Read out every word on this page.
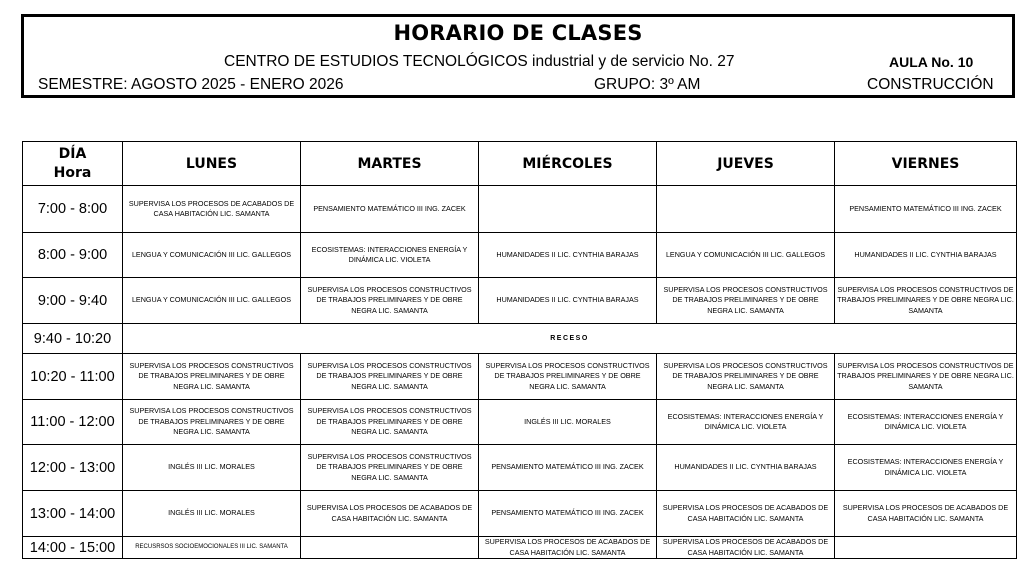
HORARIO DE CLASES
CENTRO DE ESTUDIOS TECNOLÓGICOS industrial y de servicio No. 27	AULA No. 10
SEMESTRE: AGOSTO 2025 - ENERO 2026	GRUPO: 3º AM	CONSTRUCCIÓN
DÍA
Hora	LUNES	MARTES	MIÉRCOLES	JUEVES	VIERNES
7:00 - 8:00	SUPERVISA LOS PROCESOS DE ACABADOS DE CASA HABITACIÓN LIC. SAMANTA	PENSAMIENTO MATEMÁTICO III ING. ZACEK			PENSAMIENTO MATEMÁTICO III ING. ZACEK
8:00 - 9:00	LENGUA Y COMUNICACIÓN III LIC. GALLEGOS	ECOSISTEMAS: INTERACCIONES ENERGÍA Y DINÁMICA LIC. VIOLETA	HUMANIDADES II LIC. CYNTHIA BARAJAS	LENGUA Y COMUNICACIÓN III LIC. GALLEGOS	HUMANIDADES II LIC. CYNTHIA BARAJAS
9:00 - 9:40	LENGUA Y COMUNICACIÓN III LIC. GALLEGOS	SUPERVISA LOS PROCESOS CONSTRUCTIVOS DE TRABAJOS PRELIMINARES Y DE OBRE NEGRA LIC. SAMANTA	HUMANIDADES II LIC. CYNTHIA BARAJAS	SUPERVISA LOS PROCESOS CONSTRUCTIVOS DE TRABAJOS PRELIMINARES Y DE OBRE NEGRA LIC. SAMANTA	SUPERVISA LOS PROCESOS CONSTRUCTIVOS DE TRABAJOS PRELIMINARES Y DE OBRE NEGRA LIC. SAMANTA
9:40 - 10:20	RECESO				
10:20 - 11:00	SUPERVISA LOS PROCESOS CONSTRUCTIVOS DE TRABAJOS PRELIMINARES Y DE OBRE NEGRA LIC. SAMANTA	SUPERVISA LOS PROCESOS CONSTRUCTIVOS DE TRABAJOS PRELIMINARES Y DE OBRE NEGRA LIC. SAMANTA	SUPERVISA LOS PROCESOS CONSTRUCTIVOS DE TRABAJOS PRELIMINARES Y DE OBRE NEGRA LIC. SAMANTA	SUPERVISA LOS PROCESOS CONSTRUCTIVOS DE TRABAJOS PRELIMINARES Y DE OBRE NEGRA LIC. SAMANTA	SUPERVISA LOS PROCESOS CONSTRUCTIVOS DE TRABAJOS PRELIMINARES Y DE OBRE NEGRA LIC. SAMANTA
11:00 - 12:00	SUPERVISA LOS PROCESOS CONSTRUCTIVOS DE TRABAJOS PRELIMINARES Y DE OBRE NEGRA LIC. SAMANTA	SUPERVISA LOS PROCESOS CONSTRUCTIVOS DE TRABAJOS PRELIMINARES Y DE OBRE NEGRA LIC. SAMANTA	INGLÉS III LIC. MORALES	ECOSISTEMAS: INTERACCIONES ENERGÍA Y DINÁMICA LIC. VIOLETA	ECOSISTEMAS: INTERACCIONES ENERGÍA Y DINÁMICA LIC. VIOLETA
12:00 - 13:00	INGLÉS III LIC. MORALES	SUPERVISA LOS PROCESOS CONSTRUCTIVOS DE TRABAJOS PRELIMINARES Y DE OBRE NEGRA LIC. SAMANTA	PENSAMIENTO MATEMÁTICO III ING. ZACEK	HUMANIDADES II LIC. CYNTHIA BARAJAS	ECOSISTEMAS: INTERACCIONES ENERGÍA Y DINÁMICA LIC. VIOLETA
13:00 - 14:00	INGLÉS III LIC. MORALES	SUPERVISA LOS PROCESOS DE ACABADOS DE CASA HABITACIÓN LIC. SAMANTA	PENSAMIENTO MATEMÁTICO III ING. ZACEK	SUPERVISA LOS PROCESOS DE ACABADOS DE CASA HABITACIÓN LIC. SAMANTA	SUPERVISA LOS PROCESOS DE ACABADOS DE CASA HABITACIÓN LIC. SAMANTA
14:00 - 15:00	RECUSRSOS SOCIOEMOCIONALES III LIC. SAMANTA		SUPERVISA LOS PROCESOS DE ACABADOS DE CASA HABITACIÓN LIC. SAMANTA	SUPERVISA LOS PROCESOS DE ACABADOS DE CASA HABITACIÓN LIC. SAMANTA	
